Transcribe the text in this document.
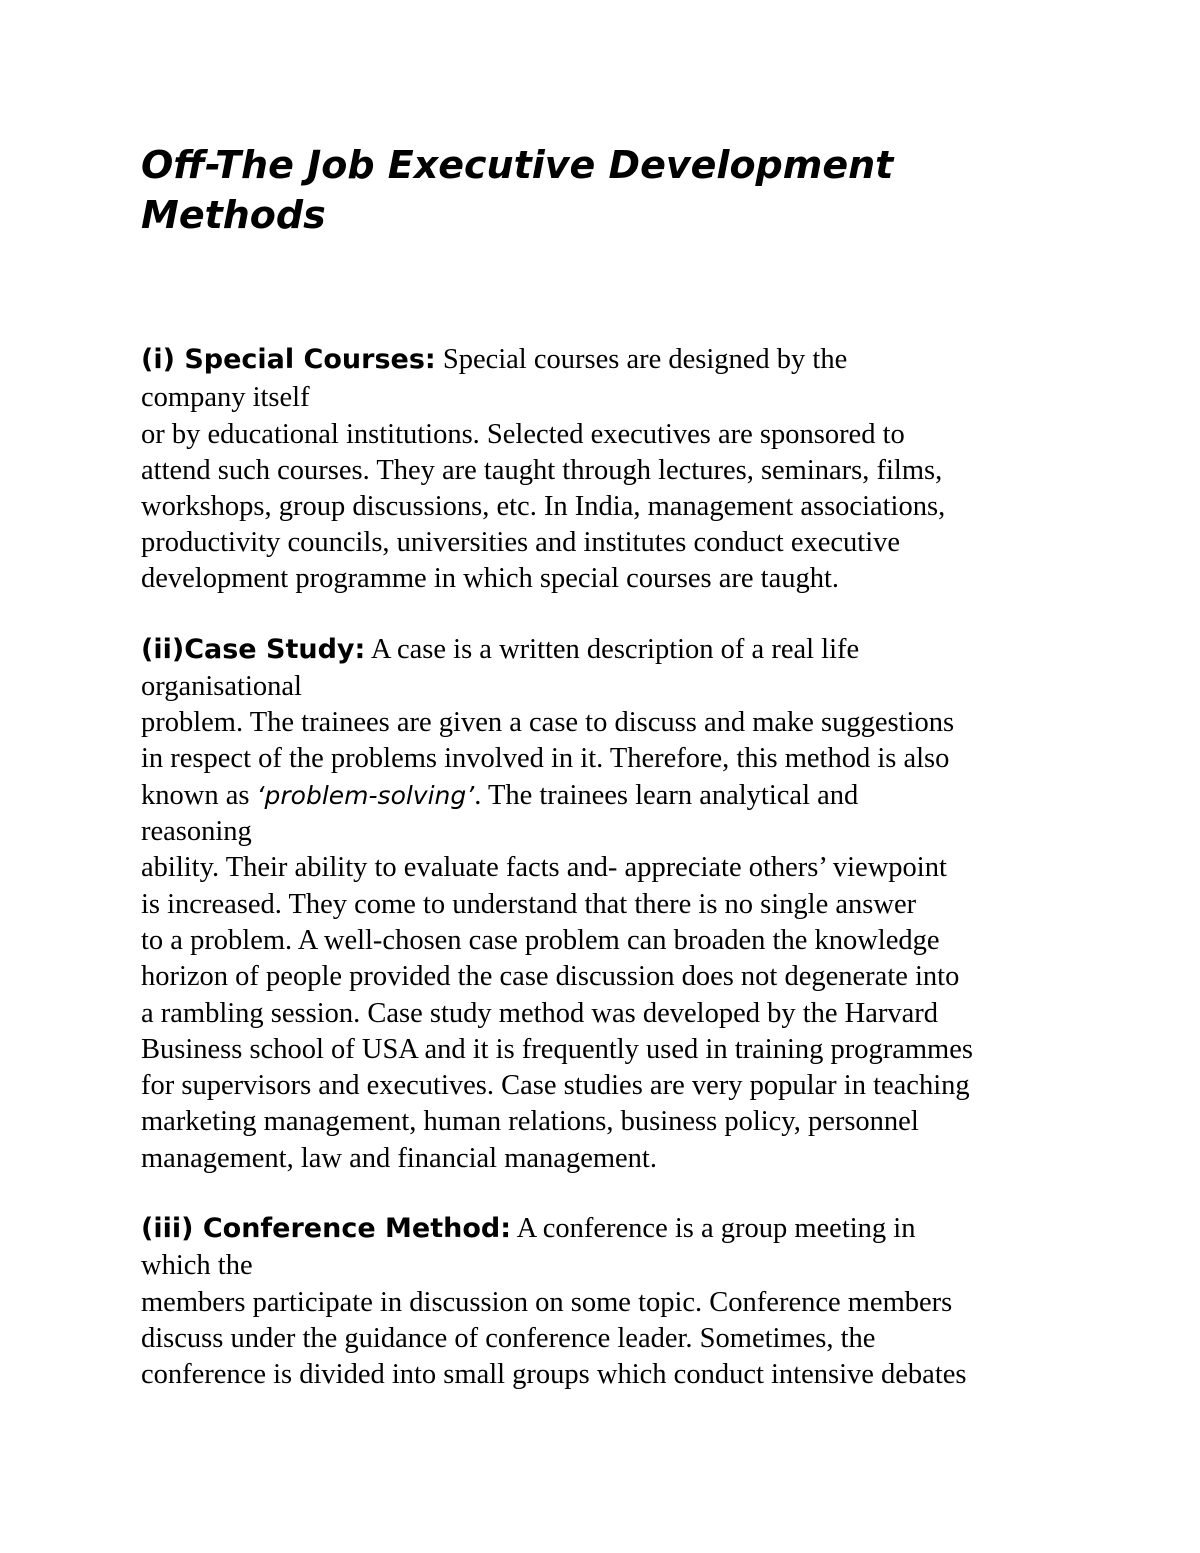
Off-The Job Executive Development
Methods
(i) Special Courses: Special courses are designed by the
company itself
or by educational institutions. Selected executives are sponsored to
attend such courses. They are taught through lectures, seminars, films,
workshops, group discussions, etc. In India, management associations,
productivity councils, universities and institutes conduct executive
development programme in which special courses are taught.
(ii)Case Study: A case is a written description of a real life
organisational
problem. The trainees are given a case to discuss and make suggestions
in respect of the problems involved in it. Therefore, this method is also
known as ‘problem-solving’. The trainees learn analytical and
reasoning
ability. Their ability to evaluate facts and- appreciate others’ viewpoint
is increased. They come to understand that there is no single answer
to a problem. A well-chosen case problem can broaden the knowledge
horizon of people provided the case discussion does not degenerate into
a rambling session. Case study method was developed by the Harvard
Business school of USA and it is frequently used in training programmes
for supervisors and executives. Case studies are very popular in teaching
marketing management, human relations, business policy, personnel
management, law and financial management.
(iii) Conference Method: A conference is a group meeting in
which the
members participate in discussion on some topic. Conference members
discuss under the guidance of conference leader. Sometimes, the
conference is divided into small groups which conduct intensive debates
